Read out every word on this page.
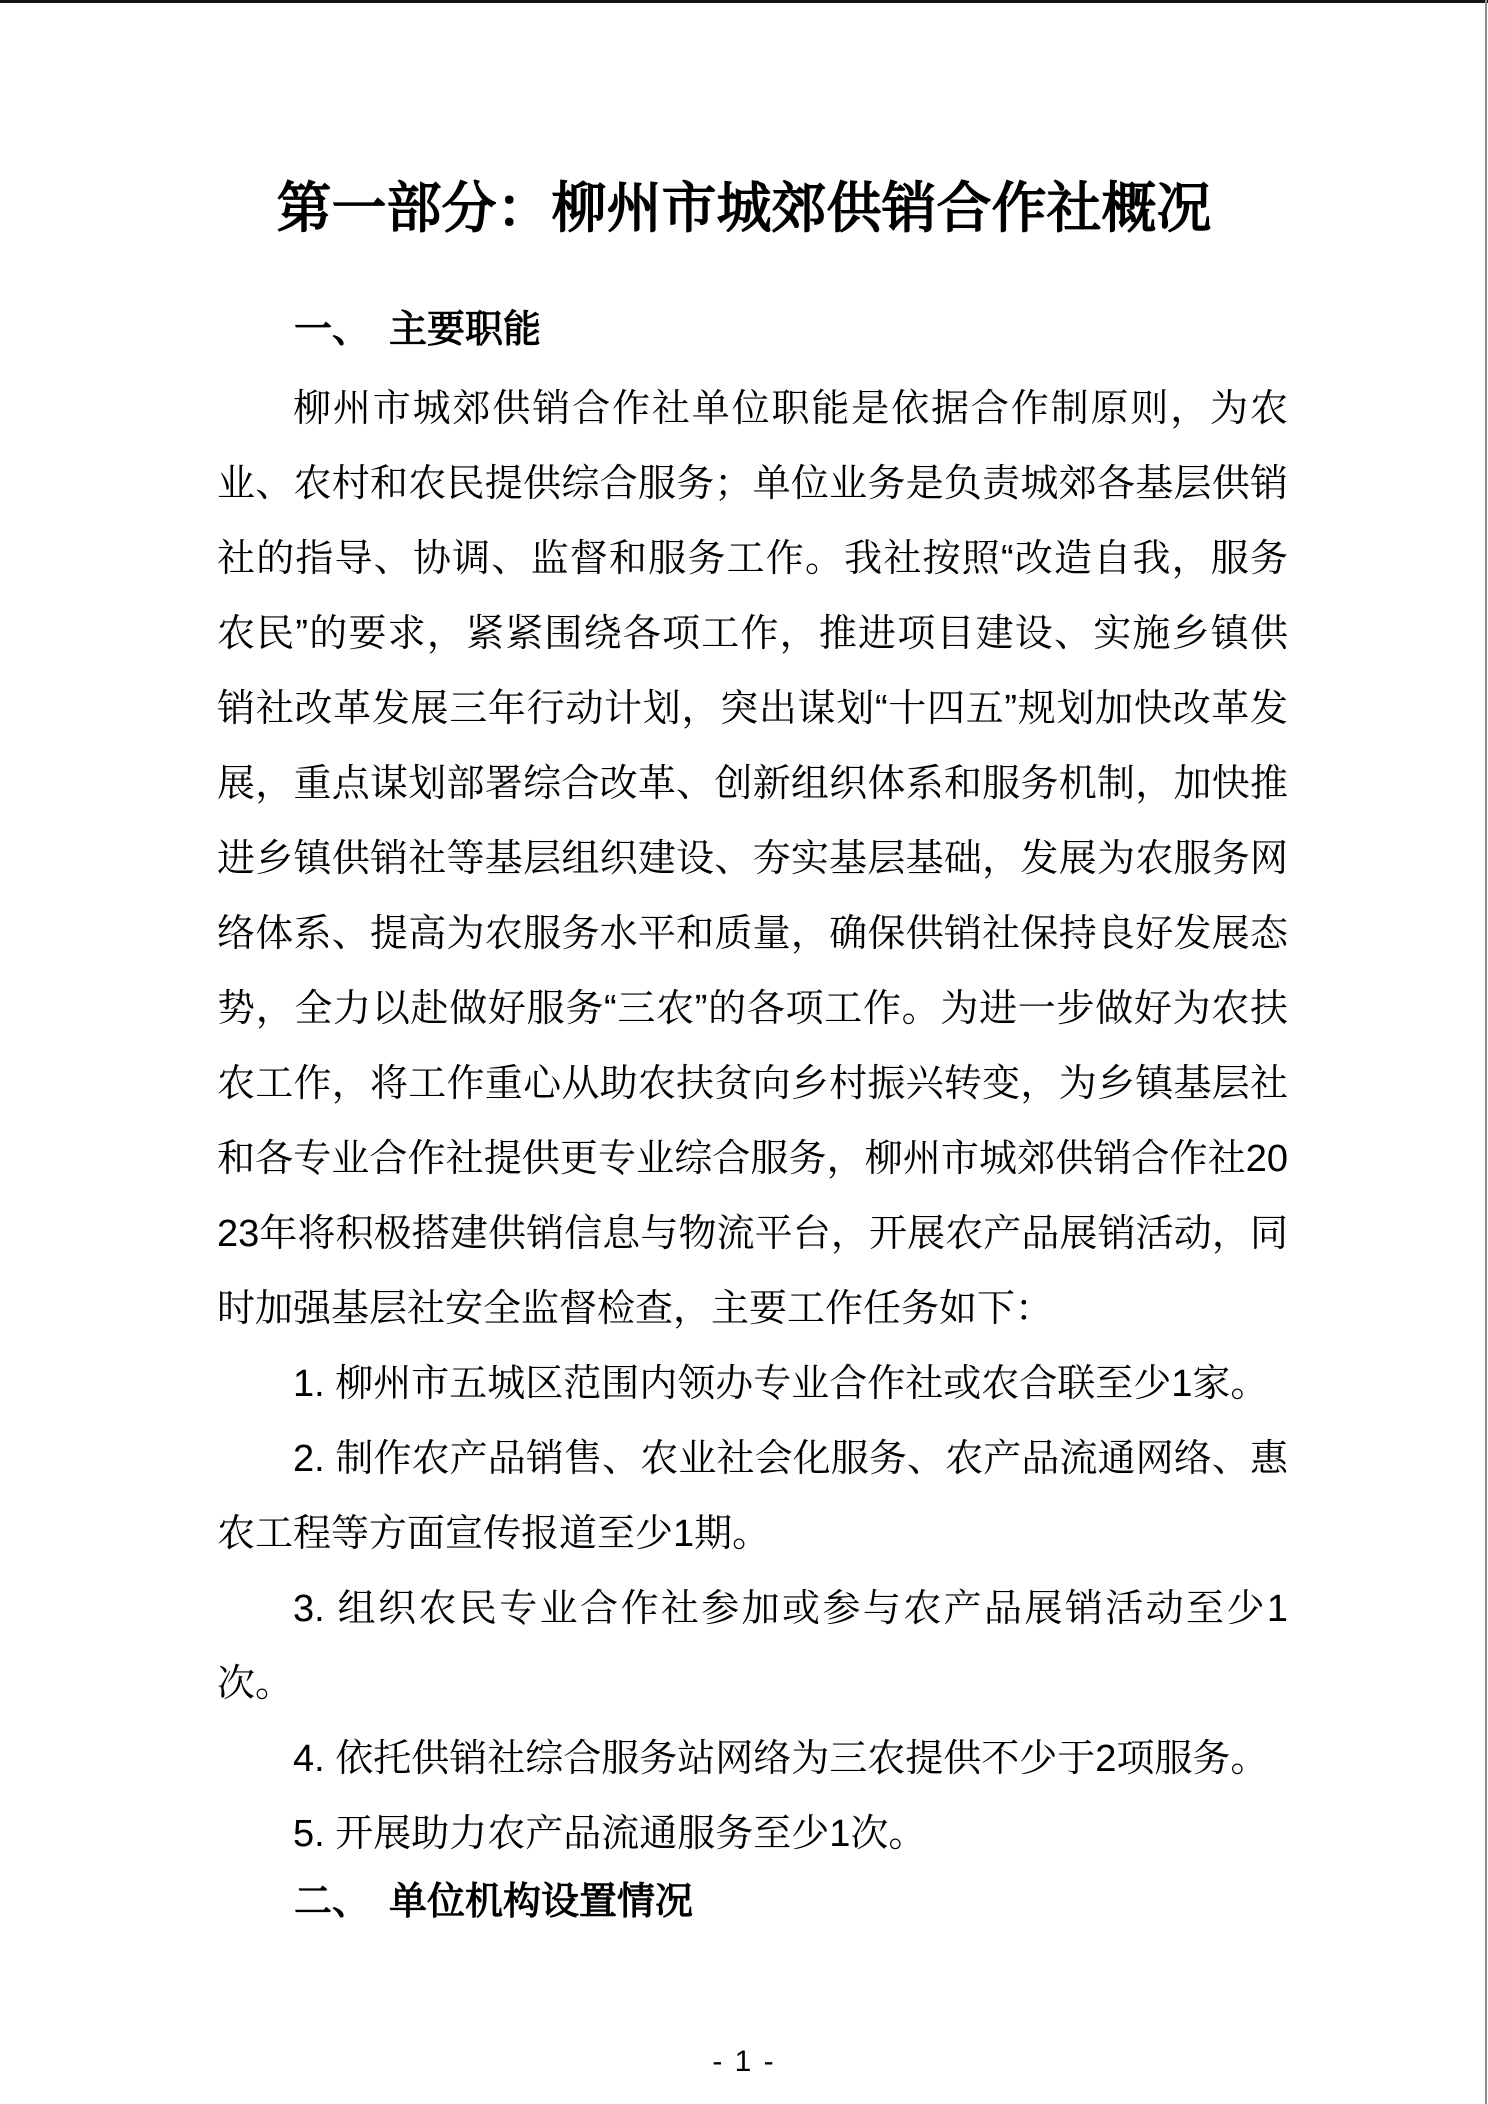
第一部分：柳州市城郊供销合作社概况
一、　主要职能

柳州市城郊供销合作社单位职能是依据合作制原则，为农业、农村和农民提供综合服务；单位业务是负责城郊各基层供销社的指导、协调、监督和服务工作。我社按照“改造自我，服务农民”的要求，紧紧围绕各项工作，推进项目建设、实施乡镇供销社改革发展三年行动计划，突出谋划“十四五”规划加快改革发展，重点谋划部署综合改革、创新组织体系和服务机制，加快推进乡镇供销社等基层组织建设、夯实基层基础，发展为农服务网络体系、提高为农服务水平和质量，确保供销社保持良好发展态势，全力以赴做好服务“三农”的各项工作。为进一步做好为农扶农工作，将工作重心从助农扶贫向乡村振兴转变，为乡镇基层社和各专业合作社提供更专业综合服务，柳州市城郊供销合作社2023年将积极搭建供销信息与物流平台，开展农产品展销活动，同时加强基层社安全监督检查，主要工作任务如下：

1. 柳州市五城区范围内领办专业合作社或农合联至少1家。

2. 制作农产品销售、农业社会化服务、农产品流通网络、惠农工程等方面宣传报道至少1期。

3. 组织农民专业合作社参加或参与农产品展销活动至少1次。

4. 依托供销社综合服务站网络为三农提供不少于2项服务。

5. 开展助力农产品流通服务至少1次。

二、　单位机构设置情况
- 1 -
